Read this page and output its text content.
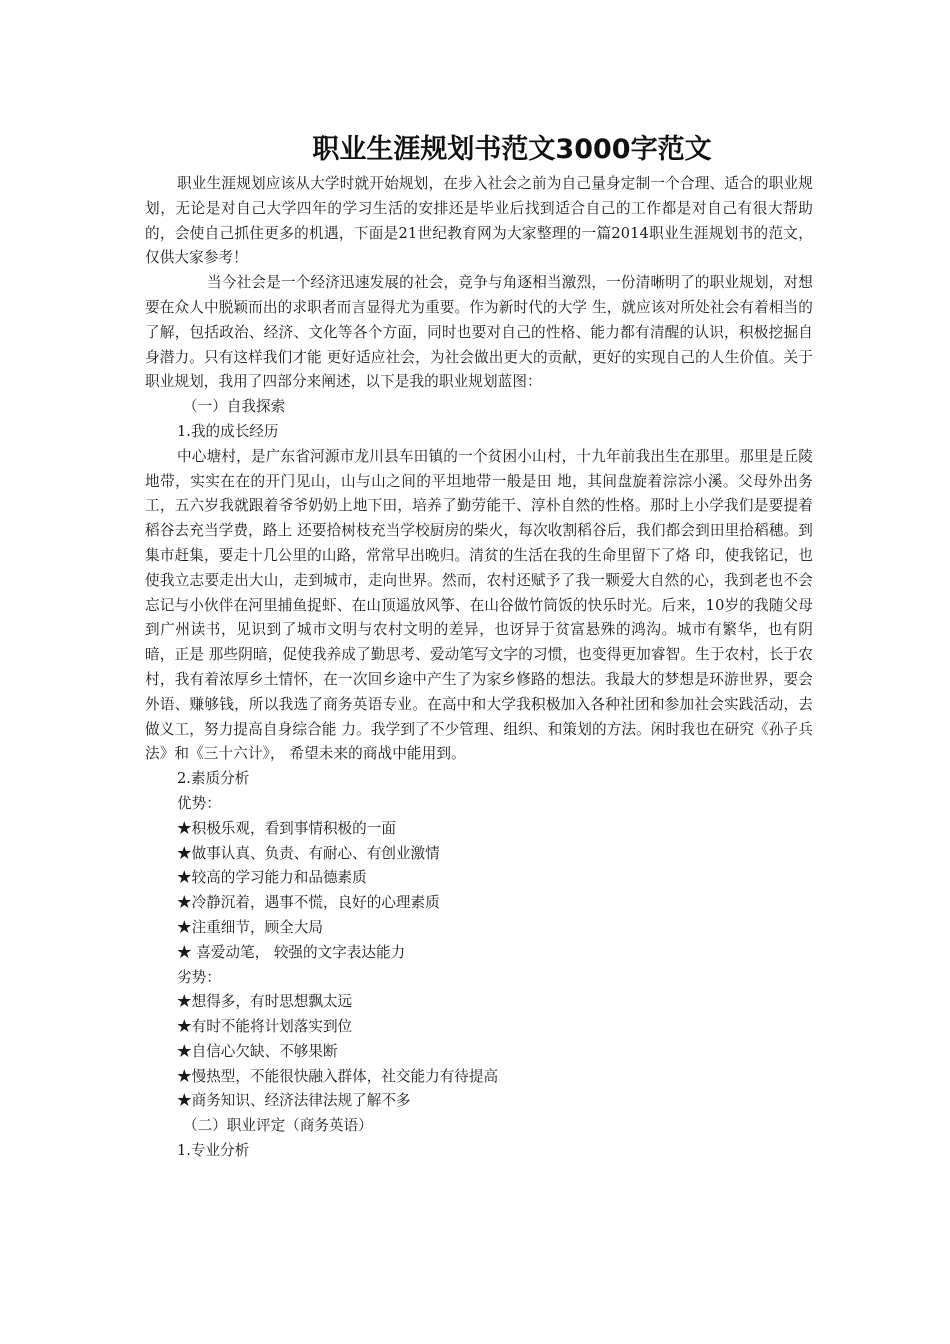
职业生涯规划书范文3000字范文

职业生涯规划应该从大学时就开始规划，在步入社会之前为自己量身定制一个合理、适合的职业规划，无论是对自己大学四年的学习生活的安排还是毕业后找到适合自己的工作都是对自己有很大帮助的，会使自己抓住更多的机遇，下面是21世纪教育网为大家整理的一篇2014职业生涯规划书的范文，仅供大家参考！

当今社会是一个经济迅速发展的社会，竞争与角逐相当激烈，一份清晰明了的职业规划，对想要在众人中脱颖而出的求职者而言显得尤为重要。作为新时代的大学 生，就应该对所处社会有着相当的了解，包括政治、经济、文化等各个方面，同时也要对自己的性格、能力都有清醒的认识，积极挖掘自身潜力。只有这样我们才能 更好适应社会，为社会做出更大的贡献，更好的实现自己的人生价值。关于职业规划，我用了四部分来阐述，以下是我的职业规划蓝图：

（一）自我探索

1.我的成长经历

中心塘村，是广东省河源市龙川县车田镇的一个贫困小山村，十九年前我出生在那里。那里是丘陵地带，实实在在的开门见山，山与山之间的平坦地带一般是田 地，其间盘旋着淙淙小溪。父母外出务工，五六岁我就跟着爷爷奶奶上地下田，培养了勤劳能干、淳朴自然的性格。那时上小学我们是要提着稻谷去充当学费，路上 还要拾树枝充当学校厨房的柴火，每次收割稻谷后，我们都会到田里拾稻穗。到集市赶集，要走十几公里的山路，常常早出晚归。清贫的生活在我的生命里留下了烙 印，使我铭记，也使我立志要走出大山，走到城市，走向世界。然而，农村还赋予了我一颗爱大自然的心，我到老也不会忘记与小伙伴在河里捕鱼捉虾、在山顶遥放风筝、在山谷做竹筒饭的快乐时光。后来，10岁的我随父母到广州读书，见识到了城市文明与农村文明的差异，也讶异于贫富悬殊的鸿沟。城市有繁华，也有阴暗，正是 那些阴暗，促使我养成了勤思考、爱动笔写文字的习惯，也变得更加睿智。生于农村，长于农村，我有着浓厚乡土情怀，在一次回乡途中产生了为家乡修路的想法。我最大的梦想是环游世界，要会外语、赚够钱，所以我选了商务英语专业。在高中和大学我积极加入各种社团和参加社会实践活动，去做义工，努力提高自身综合能 力。我学到了不少管理、组织、和策划的方法。闲时我也在研究《孙子兵法》和《三十六计》， 希望未来的商战中能用到。

2.素质分析

优势：

★积极乐观，看到事情积极的一面

★做事认真、负责、有耐心、有创业激情

★较高的学习能力和品德素质

★冷静沉着，遇事不慌，良好的心理素质

★注重细节，顾全大局

★ 喜爱动笔， 较强的文字表达能力

劣势：

★想得多，有时思想飘太远

★有时不能将计划落实到位

★自信心欠缺、不够果断

★慢热型，不能很快融入群体，社交能力有待提高

★商务知识、经济法律法规了解不多

（二）职业评定（商务英语）

1.专业分析
